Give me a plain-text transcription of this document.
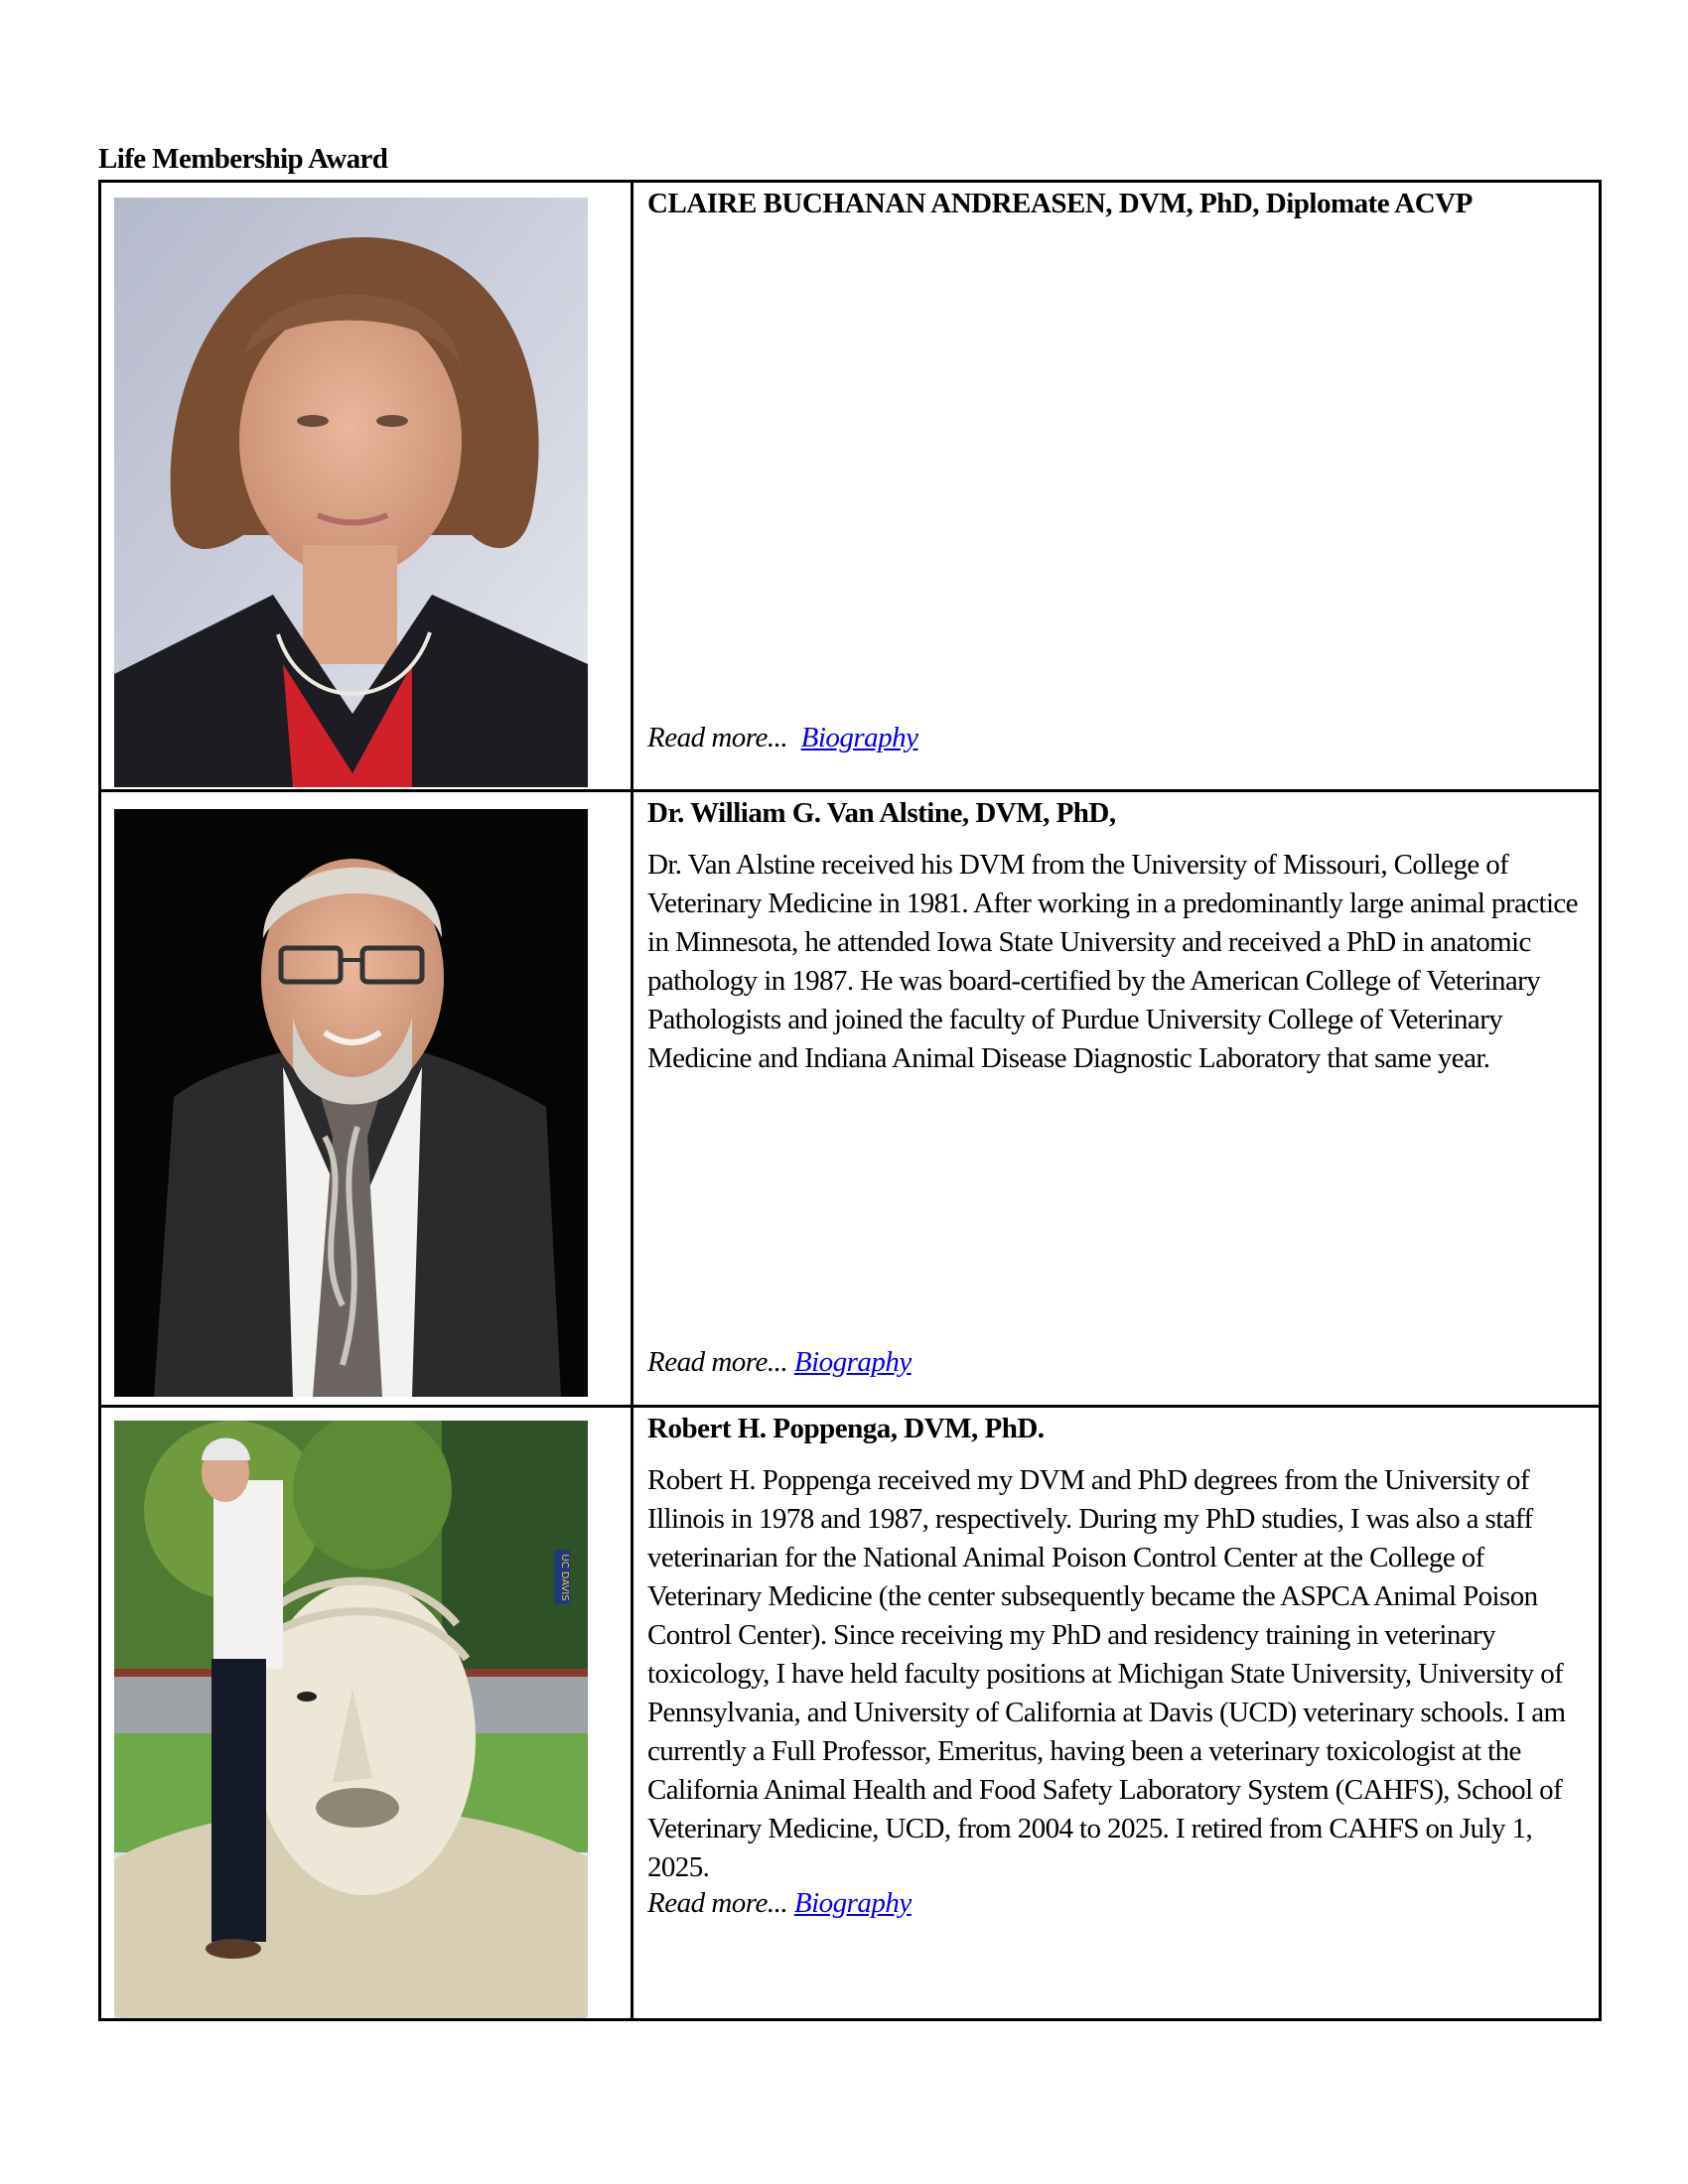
Life Membership Award

CLAIRE BUCHANAN ANDREASEN, DVM, PhD, Diplomate ACVP
Read more... Biography

Dr. William G. Van Alstine, DVM, PhD,
Dr. Van Alstine received his DVM from the University of Missouri, College of Veterinary Medicine in 1981. After working in a predominantly large animal practice in Minnesota, he attended Iowa State University and received a PhD in anatomic pathology in 1987. He was board-certified by the American College of Veterinary Pathologists and joined the faculty of Purdue University College of Veterinary Medicine and Indiana Animal Disease Diagnostic Laboratory that same year.
Read more... Biography

UC DAVIS	Robert H. Poppenga, DVM, PhD.
Robert H. Poppenga received my DVM and PhD degrees from the University of Illinois in 1978 and 1987, respectively. During my PhD studies, I was also a staff veterinarian for the National Animal Poison Control Center at the College of Veterinary Medicine (the center subsequently became the ASPCA Animal Poison Control Center). Since receiving my PhD and residency training in veterinary toxicology, I have held faculty positions at Michigan State University, University of Pennsylvania, and University of California at Davis (UCD) veterinary schools. I am currently a Full Professor, Emeritus, having been a veterinary toxicologist at the California Animal Health and Food Safety Laboratory System (CAHFS), School of Veterinary Medicine, UCD, from 2004 to 2025. I retired from CAHFS on July 1, 2025.
Read more... Biography
